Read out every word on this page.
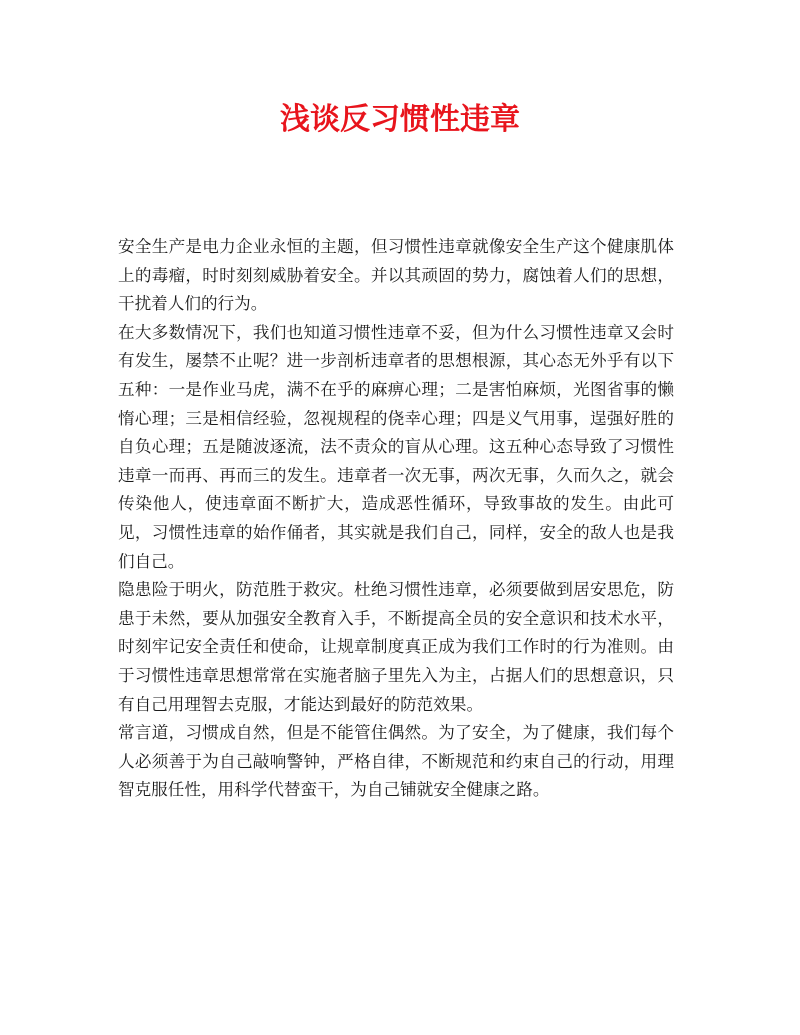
浅谈反习惯性违章

安全生产是电力企业永恒的主题，但习惯性违章就像安全生产这个健康肌体上的毒瘤，时时刻刻威胁着安全。并以其顽固的势力，腐蚀着人们的思想，干扰着人们的行为。

在大多数情况下，我们也知道习惯性违章不妥，但为什么习惯性违章又会时有发生，屡禁不止呢？进一步剖析违章者的思想根源，其心态无外乎有以下五种：一是作业马虎，满不在乎的麻痹心理；二是害怕麻烦，光图省事的懒惰心理；三是相信经验，忽视规程的侥幸心理；四是义气用事，逞强好胜的自负心理；五是随波逐流，法不责众的盲从心理。这五种心态导致了习惯性违章一而再、再而三的发生。违章者一次无事，两次无事，久而久之，就会传染他人，使违章面不断扩大，造成恶性循环，导致事故的发生。由此可见，习惯性违章的始作俑者，其实就是我们自己，同样，安全的敌人也是我们自己。

隐患险于明火，防范胜于救灾。杜绝习惯性违章，必须要做到居安思危，防患于未然，要从加强安全教育入手，不断提高全员的安全意识和技术水平，时刻牢记安全责任和使命，让规章制度真正成为我们工作时的行为准则。由于习惯性违章思想常常在实施者脑子里先入为主，占据人们的思想意识，只有自己用理智去克服，才能达到最好的防范效果。

常言道，习惯成自然，但是不能管住偶然。为了安全，为了健康，我们每个人必须善于为自己敲响警钟，严格自律，不断规范和约束自己的行动，用理智克服任性，用科学代替蛮干，为自己铺就安全健康之路。
